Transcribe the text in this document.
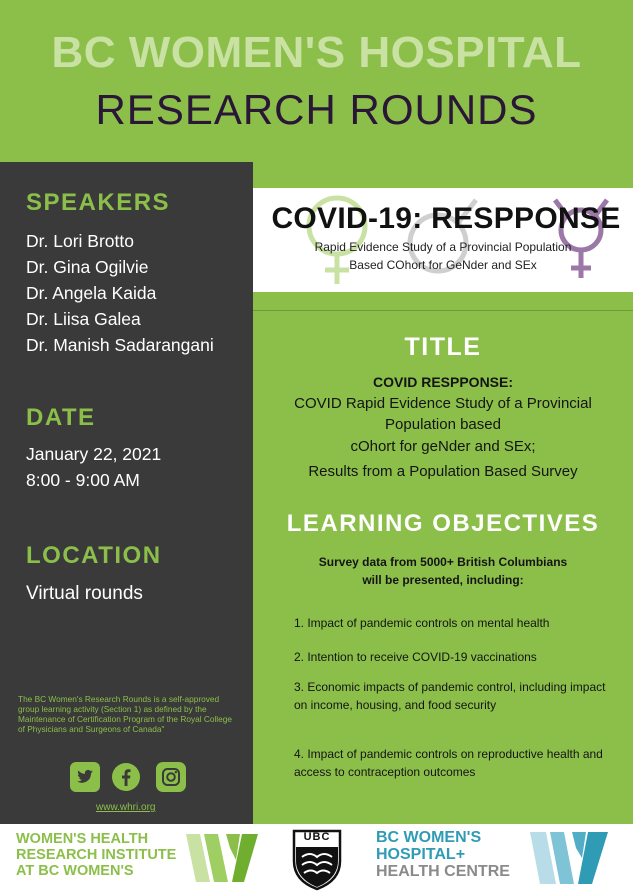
BC WOMEN'S HOSPITAL
RESEARCH ROUNDS
SPEAKERS
Dr. Lori Brotto
Dr. Gina Ogilvie
Dr. Angela Kaida
Dr. Liisa Galea
Dr. Manish Sadarangani
DATE
January 22, 2021
8:00 - 9:00 AM
LOCATION
Virtual rounds
The BC Women's Research Rounds is a self-approved group learning activity (Section 1) as defined by the Maintenance of Certification Program of the Royal College of Physicians and Surgeons of Canada"
www.whri.org
COVID-19: RESPPONSE
Rapid Evidence Study of a Provincial Population
Based COhort for GeNder and SEx
TITLE
COVID RESPPONSE:
COVID Rapid Evidence Study of a Provincial
Population based
cOhort for geNder and SEx;
Results from a Population Based Survey
LEARNING OBJECTIVES
Survey data from 5000+ British Columbians
will be presented, including:
1. Impact of pandemic controls on mental health
2. Intention to receive COVID-19 vaccinations
3. Economic impacts of pandemic control, including impact on income, housing, and food security
4. Impact of pandemic controls on reproductive health and access to contraception outcomes
WOMEN'S HEALTH
RESEARCH INSTITUTE
AT BC WOMEN'S
UBC	BC WOMEN'S
HOSPITAL+
HEALTH CENTRE
